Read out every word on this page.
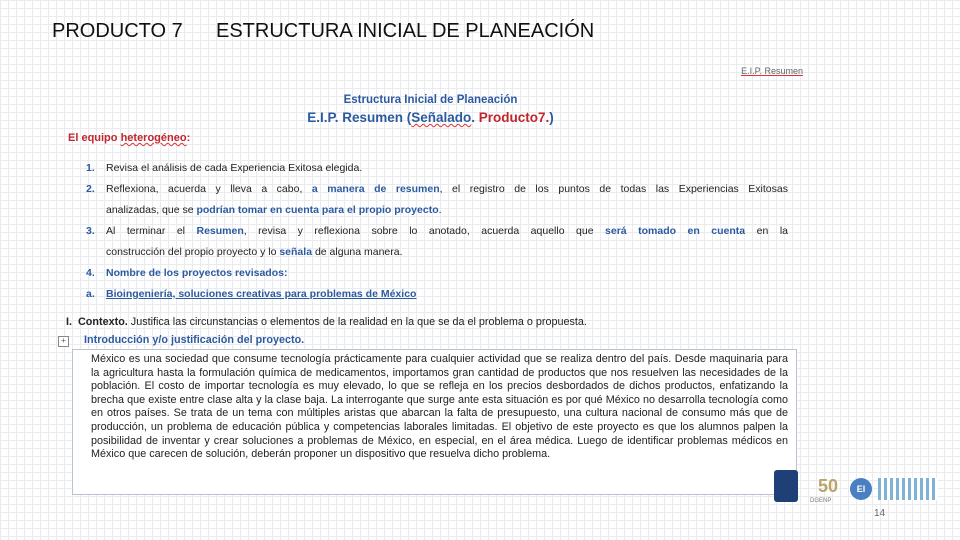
PRODUCTO 7 ESTRUCTURA INICIAL DE PLANEACIÓN
E.I.P. Resumen
Estructura Inicial de Planeación
E.I.P. Resumen (Señalado. Producto7.)
El equipo heterogéneo:
1. Revisa el análisis de cada Experiencia Exitosa elegida.
2. Reflexiona, acuerda y lleva a cabo, a manera de resumen, el registro de los puntos de todas las Experiencias Exitosas
analizadas, que se podrían tomar en cuenta para el propio proyecto.
3. Al terminar el Resumen, revisa y reflexiona sobre lo anotado, acuerda aquello que será tomado en cuenta en la
construcción del propio proyecto y lo señala de alguna manera.
4. Nombre de los proyectos revisados:
a. Bioingeniería, soluciones creativas para problemas de México
I. Contexto. Justifica las circunstancias o elementos de la realidad en la que se da el problema o propuesta.
+ Introducción y/o justificación del proyecto.

México es una sociedad que consume tecnología prácticamente para cualquier actividad que se realiza dentro del país. Desde maquinaria para la agricultura hasta la formulación química de medicamentos, importamos gran cantidad de productos que nos resuelven las necesidades de la población. El costo de importar tecnología es muy elevado, lo que se refleja en los precios desbordados de dichos productos, enfatizando la brecha que existe entre clase alta y la clase baja. La interrogante que surge ante esta situación es por qué México no desarrolla tecnología como en otros países. Se trata de un tema con múltiples aristas que abarcan la falta de presupuesto, una cultura nacional de consumo más que de producción, un problema de educación pública y competencias laborales limitadas. El objetivo de este proyecto es que los alumnos palpen la posibilidad de inventar y crear soluciones a problemas de México, en especial, en el área médica. Luego de identificar problemas médicos en México que carecen de solución, deberán proponer un dispositivo que resuelva dicho problema.

50
DGENP
El
14
